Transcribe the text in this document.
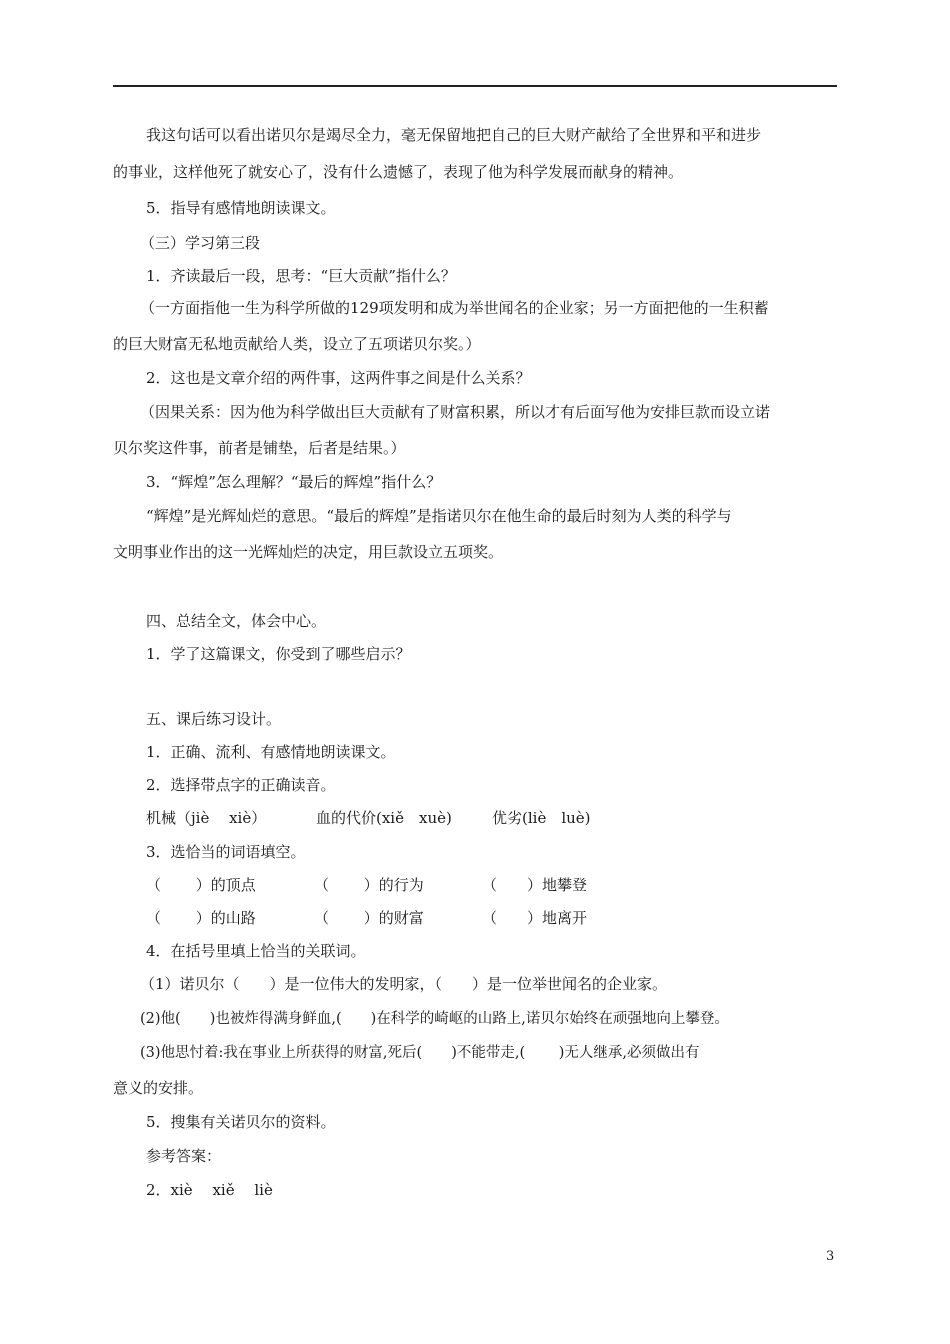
我这句话可以看出诺贝尔是竭尽全力，毫无保留地把自己的巨大财产献给了全世界和平和进步
的事业，这样他死了就安心了，没有什么遗憾了，表现了他为科学发展而献身的精神。
5．指导有感情地朗读课文。
（三）学习第三段
1．齐读最后一段，思考：“巨大贡献”指什么？
（一方面指他一生为科学所做的129项发明和成为举世闻名的企业家；另一方面把他的一生积蓄
的巨大财富无私地贡献给人类，设立了五项诺贝尔奖。）
2．这也是文章介绍的两件事，这两件事之间是什么关系？
（因果关系：因为他为科学做出巨大贡献有了财富积累，所以才有后面写他为安排巨款而设立诺
贝尔奖这件事，前者是铺垫，后者是结果。）
3．“辉煌”怎么理解？“最后的辉煌”指什么？
“辉煌”是光辉灿烂的意思。“最后的辉煌”是指诺贝尔在他生命的最后时刻为人类的科学与
文明事业作出的这一光辉灿烂的决定，用巨款设立五项奖。
四、总结全文，体会中心。
1．学了这篇课文，你受到了哪些启示？
五、课后练习设计。
1．正确、流利、有感情地朗读课文。
2．选择带点字的正确读音。
机械（jiè　 xiè）	血的代价(xiě　xuè)	优劣(liè　luè)
3．选恰当的词语填空。
（　　 ）的顶点	（　　 ）的行为	（　　）地攀登
（　　 ）的山路	（　　 ）的财富	（　　）地离开
4．在括号里填上恰当的关联词。
（1）诺贝尔（　　）是一位伟大的发明家，（　　）是一位举世闻名的企业家。
(2)他(　　)也被炸得满身鲜血,(　　)在科学的崎岖的山路上,诺贝尔始终在顽强地向上攀登。
(3)他思忖着:我在事业上所获得的财富,死后(　　)不能带走,(　　 )无人继承,必须做出有
意义的安排。
5．搜集有关诺贝尔的资料。
参考答案：
2．xiè　 xiě　 liè
3
